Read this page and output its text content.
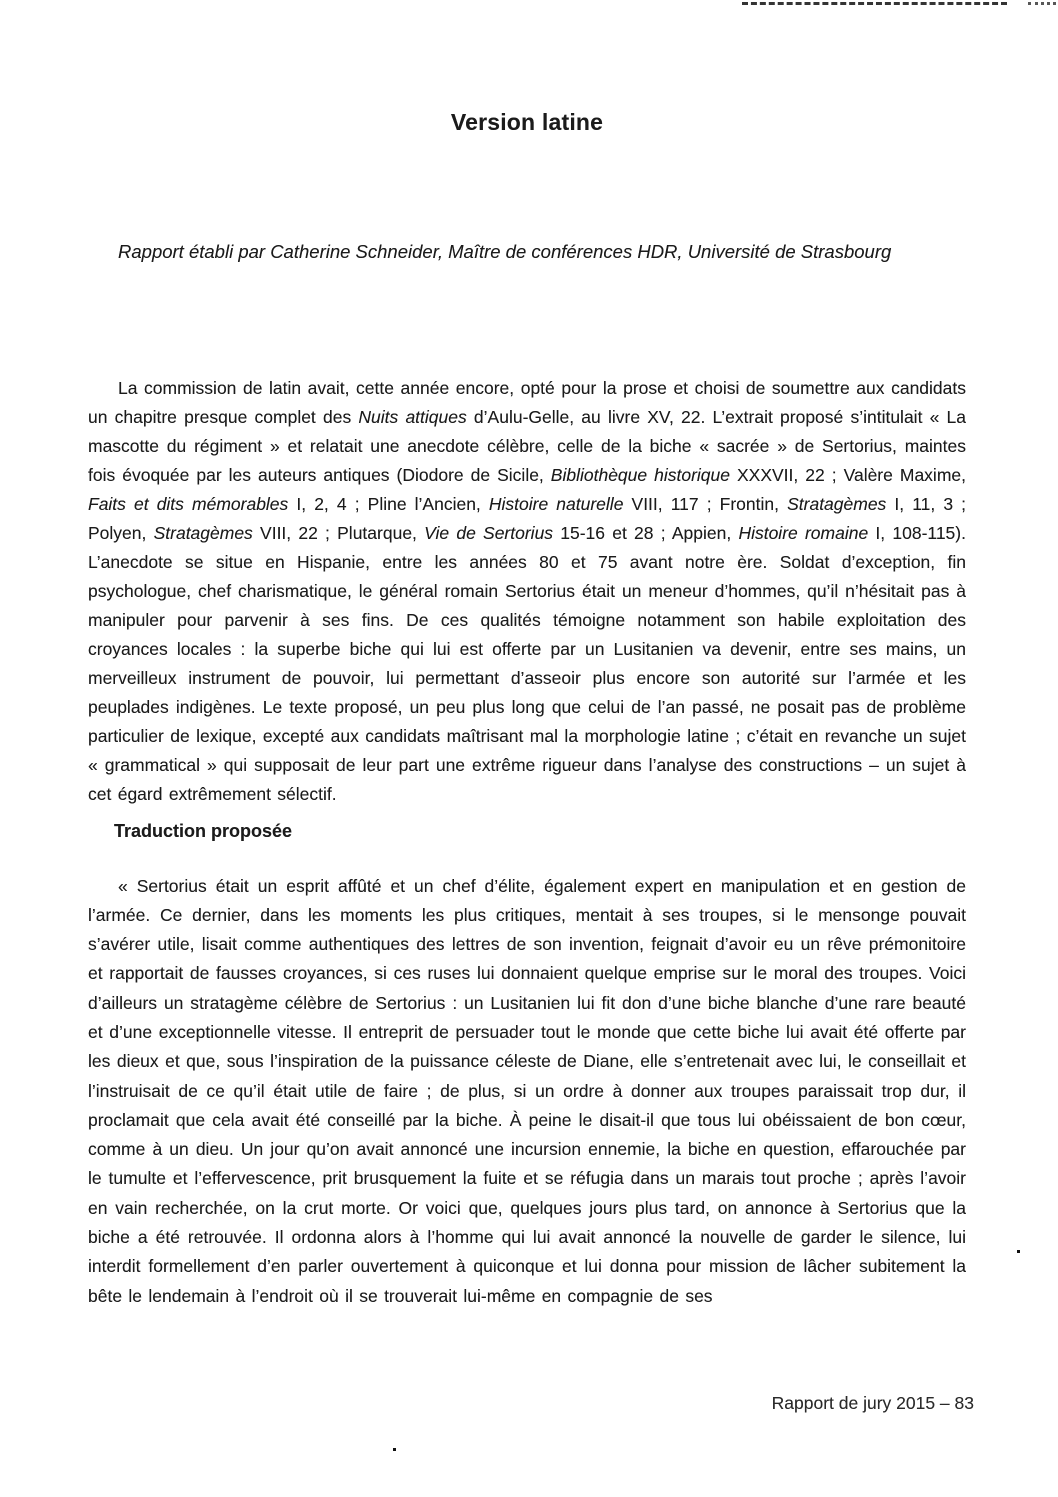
Version latine

Rapport établi par Catherine Schneider, Maître de conférences HDR, Université de Strasbourg

La commission de latin avait, cette année encore, opté pour la prose et choisi de soumettre aux candidats un chapitre presque complet des Nuits attiques d’Aulu-Gelle, au livre XV, 22. L’extrait proposé s’intitulait « La mascotte du régiment » et relatait une anecdote célèbre, celle de la biche « sacrée » de Sertorius, maintes fois évoquée par les auteurs antiques (Diodore de Sicile, Bibliothèque historique XXXVII, 22 ; Valère Maxime, Faits et dits mémorables I, 2, 4 ; Pline l’Ancien, Histoire naturelle VIII, 117 ; Frontin, Stratagèmes I, 11, 3 ; Polyen, Stratagèmes VIII, 22 ; Plutarque, Vie de Sertorius 15-16 et 28 ; Appien, Histoire romaine I, 108-115). L’anecdote se situe en Hispanie, entre les années 80 et 75 avant notre ère. Soldat d’exception, fin psychologue, chef charismatique, le général romain Sertorius était un meneur d’hommes, qu’il n’hésitait pas à manipuler pour parvenir à ses fins. De ces qualités témoigne notamment son habile exploitation des croyances locales : la superbe biche qui lui est offerte par un Lusitanien va devenir, entre ses mains, un merveilleux instrument de pouvoir, lui permettant d’asseoir plus encore son autorité sur l’armée et les peuplades indigènes. Le texte proposé, un peu plus long que celui de l’an passé, ne posait pas de problème particulier de lexique, excepté aux candidats maîtrisant mal la morphologie latine ; c’était en revanche un sujet « grammatical » qui supposait de leur part une extrême rigueur dans l’analyse des constructions – un sujet à cet égard extrêmement sélectif.

Traduction proposée

« Sertorius était un esprit affûté et un chef d’élite, également expert en manipulation et en gestion de l’armée. Ce dernier, dans les moments les plus critiques, mentait à ses troupes, si le mensonge pouvait s’avérer utile, lisait comme authentiques des lettres de son invention, feignait d’avoir eu un rêve prémonitoire et rapportait de fausses croyances, si ces ruses lui donnaient quelque emprise sur le moral des troupes. Voici d’ailleurs un stratagème célèbre de Sertorius : un Lusitanien lui fit don d’une biche blanche d’une rare beauté et d’une exceptionnelle vitesse. Il entreprit de persuader tout le monde que cette biche lui avait été offerte par les dieux et que, sous l’inspiration de la puissance céleste de Diane, elle s’entretenait avec lui, le conseillait et l’instruisait de ce qu’il était utile de faire ; de plus, si un ordre à donner aux troupes paraissait trop dur, il proclamait que cela avait été conseillé par la biche. À peine le disait-il que tous lui obéissaient de bon cœur, comme à un dieu. Un jour qu’on avait annoncé une incursion ennemie, la biche en question, effarouchée par le tumulte et l’effervescence, prit brusquement la fuite et se réfugia dans un marais tout proche ; après l’avoir en vain recherchée, on la crut morte. Or voici que, quelques jours plus tard, on annonce à Sertorius que la biche a été retrouvée. Il ordonna alors à l’homme qui lui avait annoncé la nouvelle de garder le silence, lui interdit formellement d’en parler ouvertement à quiconque et lui donna pour mission de lâcher subitement la bête le lendemain à l’endroit où il se trouverait lui-même en compagnie de ses

Rapport de jury 2015 – 83
